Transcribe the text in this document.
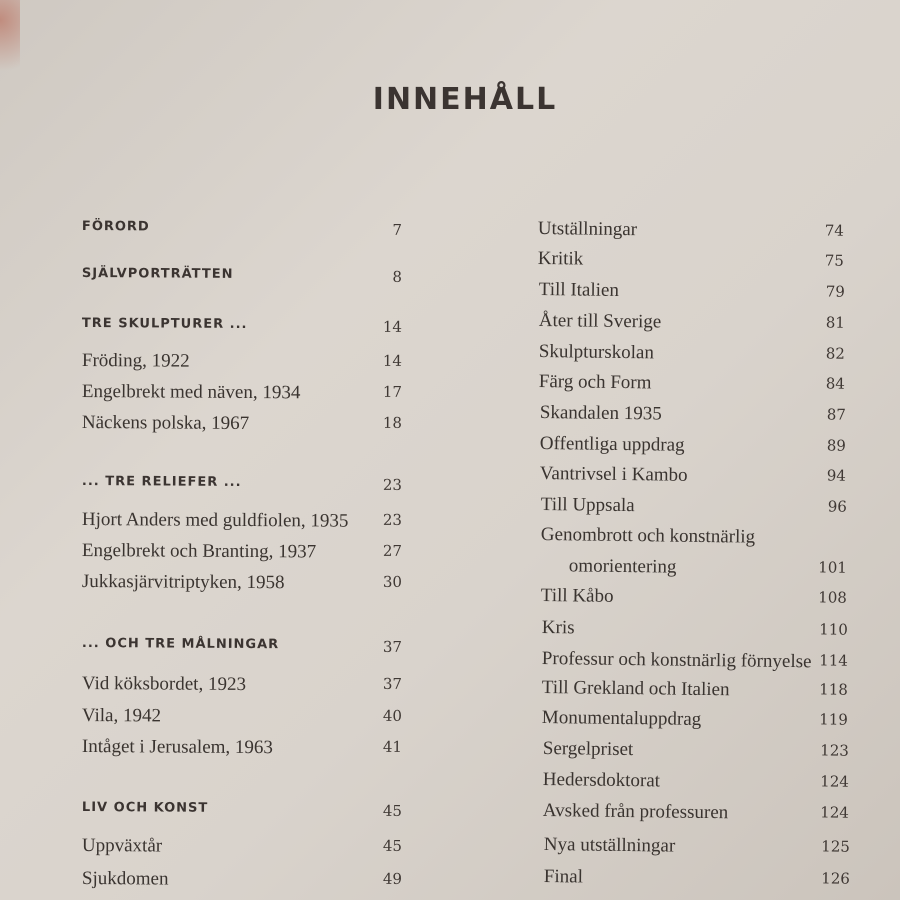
INNEHÅLL
FÖRORD	7
SJÄLVPORTRÄTTEN	8
TRE SKULPTURER ...	14
Fröding, 1922	14
Engelbrekt med näven, 1934	17
Näckens polska, 1967	18
... TRE RELIEFER ...	23
Hjort Anders med guldfiolen, 1935 23
Engelbrekt och Branting, 1937	27
Jukkasjärvitriptyken, 1958	30
... OCH TRE MÅLNINGAR	37
Vid köksbordet, 1923	37
Vila, 1942	40
Intåget i Jerusalem, 1963	41
LIV OCH KONST	45
Uppväxtår	45
Sjukdomen	49
Utställningar	74
Kritik	75
Till Italien	79
Åter till Sverige	81
Skulpturskolan	82
Färg och Form	84
Skandalen 1935	87
Offentliga uppdrag	89
Vantrivsel i Kambo	94
Till Uppsala	96
Genombrott och konstnärlig
omorientering	101
Till Kåbo	108
Kris	110
Professur och konstnärlig förnyelse 114
Till Grekland och Italien	118
Monumentaluppdrag	119
Sergelpriset	123
Hedersdoktorat	124
Avsked från professuren	124
Nya utställningar	125
Final	126
